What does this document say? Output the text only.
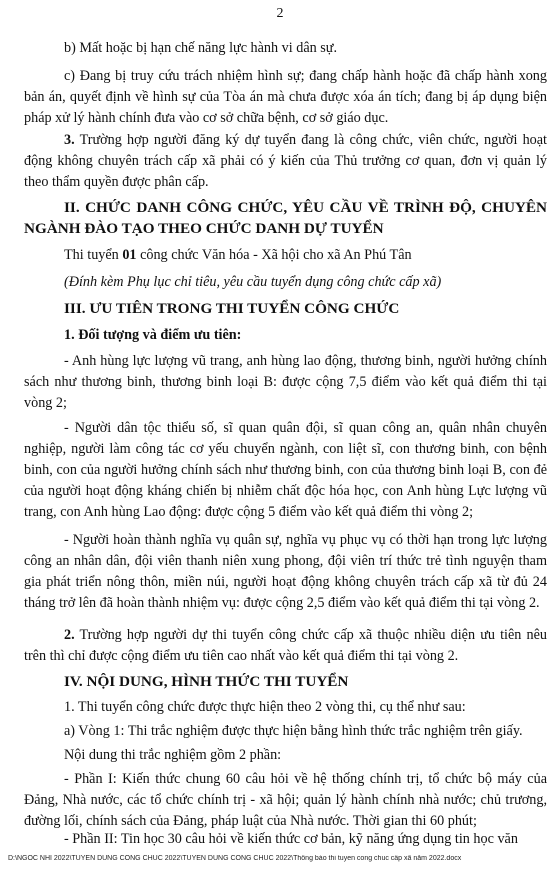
2
b) Mất hoặc bị hạn chế năng lực hành vi dân sự.
c) Đang bị truy cứu trách nhiệm hình sự; đang chấp hành hoặc đã chấp hành xong bản án, quyết định về hình sự của Tòa án mà chưa được xóa án tích; đang bị áp dụng biện pháp xử lý hành chính đưa vào cơ sở chữa bệnh, cơ sở giáo dục.
3. Trường hợp người đăng ký dự tuyển đang là công chức, viên chức, người hoạt động không chuyên trách cấp xã phải có ý kiến của Thủ trưởng cơ quan, đơn vị quản lý theo thẩm quyền được phân cấp.
II. CHỨC DANH CÔNG CHỨC, YÊU CẦU VỀ TRÌNH ĐỘ, CHUYÊN NGÀNH ĐÀO TẠO THEO CHỨC DANH DỰ TUYỂN
Thi tuyển 01 công chức Văn hóa - Xã hội cho xã An Phú Tân
(Đính kèm Phụ lục chỉ tiêu, yêu cầu tuyển dụng công chức cấp xã)
III. ƯU TIÊN TRONG THI TUYỂN CÔNG CHỨC
1. Đối tượng và điểm ưu tiên:
- Anh hùng lực lượng vũ trang, anh hùng lao động, thương binh, người hưởng chính sách như thương binh, thương binh loại B: được cộng 7,5 điểm vào kết quả điểm thi tại vòng 2;
- Người dân tộc thiểu số, sĩ quan quân đội, sĩ quan công an, quân nhân chuyên nghiệp, người làm công tác cơ yếu chuyển ngành, con liệt sĩ, con thương binh, con bệnh binh, con của người hưởng chính sách như thương binh, con của thương binh loại B, con đẻ của người hoạt động kháng chiến bị nhiễm chất độc hóa học, con Anh hùng Lực lượng vũ trang, con Anh hùng Lao động: được cộng 5 điểm vào kết quả điểm thi vòng 2;
- Người hoàn thành nghĩa vụ quân sự, nghĩa vụ phục vụ có thời hạn trong lực lượng công an nhân dân, đội viên thanh niên xung phong, đội viên trí thức trẻ tình nguyện tham gia phát triển nông thôn, miền núi, người hoạt động không chuyên trách cấp xã từ đủ 24 tháng trở lên đã hoàn thành nhiệm vụ: được cộng 2,5 điểm vào kết quả điểm thi tại vòng 2.
2. Trường hợp người dự thi tuyển công chức cấp xã thuộc nhiều diện ưu tiên nêu trên thì chỉ được cộng điểm ưu tiên cao nhất vào kết quả điểm thi tại vòng 2.
IV. NỘI DUNG, HÌNH THỨC THI TUYỂN
1. Thi tuyển công chức được thực hiện theo 2 vòng thi, cụ thể như sau:
a) Vòng 1: Thi trắc nghiệm được thực hiện bằng hình thức trắc nghiệm trên giấy.
Nội dung thi trắc nghiệm gồm 2 phần:
- Phần I: Kiến thức chung 60 câu hỏi về hệ thống chính trị, tổ chức bộ máy của Đảng, Nhà nước, các tổ chức chính trị - xã hội; quản lý hành chính nhà nước; chủ trương, đường lối, chính sách của Đảng, pháp luật của Nhà nước. Thời gian thi 60 phút;
- Phần II: Tin học 30 câu hỏi về kiến thức cơ bản, kỹ năng ứng dụng tin học văn
D:\NGOC NHI 2022\TUYEN DUNG CONG CHUC 2022\TUYEN DUNG CONG CHUC 2022\Thông báo thi tuyen cong chuc cấp xã năm 2022.docx
